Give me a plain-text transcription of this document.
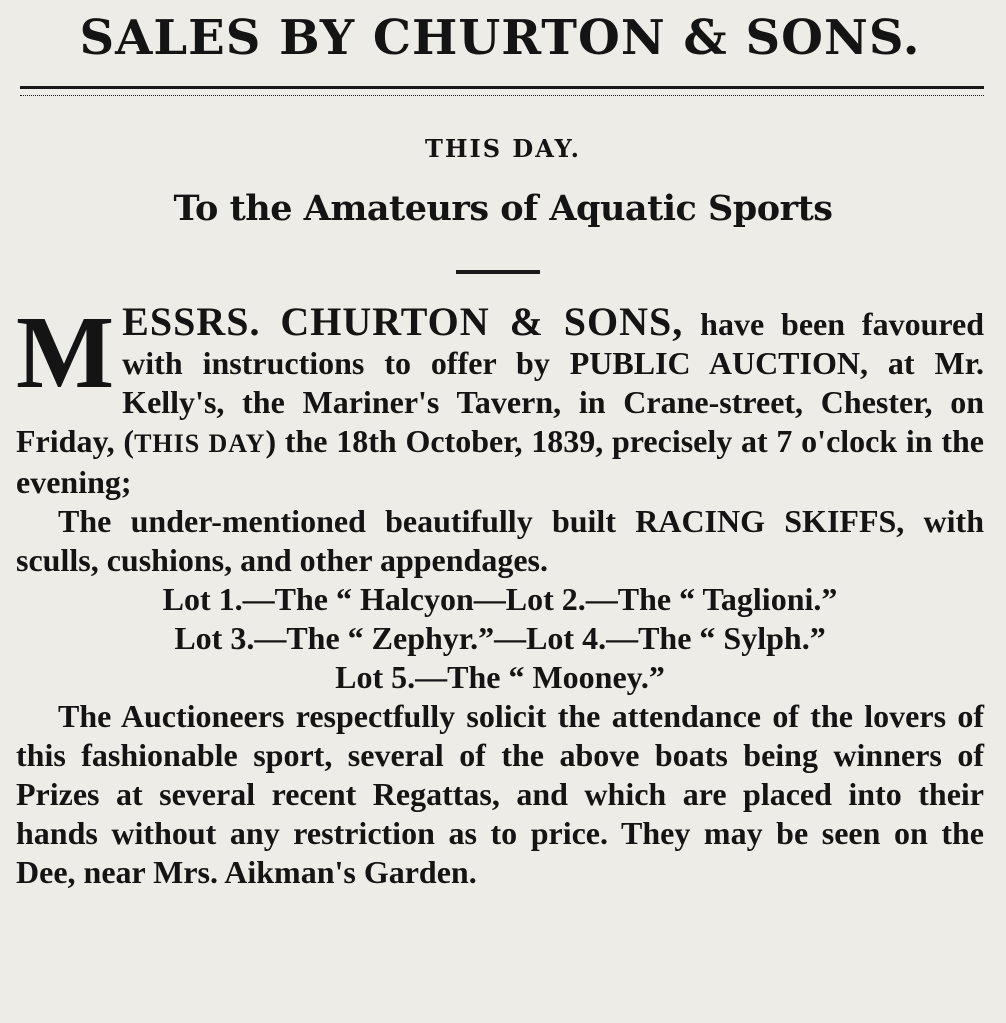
SALES BY CHURTON & SONS.
THIS DAY.
To the Amateurs of Aquatic Sports

M ESSRS. CHURTON & SONS, have been favoured with instructions to offer by PUBLIC AUCTION, at Mr. Kelly's, the Mariner's Tavern, in Crane-street, Chester, on Friday, (THIS DAY) the 18th October, 1839, precisely at 7 o'clock in the evening;

The under-mentioned beautifully built RACING SKIFFS, with sculls, cushions, and other appendages.

Lot 1.—The “ Halcyon—Lot 2.—The “ Taglioni.”
Lot 3.—The “ Zephyr.”—Lot 4.—The “ Sylph.”
Lot 5.—The “ Mooney.”

The Auctioneers respectfully solicit the attendance of the lovers of this fashionable sport, several of the above boats being winners of Prizes at several recent Regattas, and which are placed into their hands without any restriction as to price. They may be seen on the Dee, near Mrs. Aikman's Garden.
